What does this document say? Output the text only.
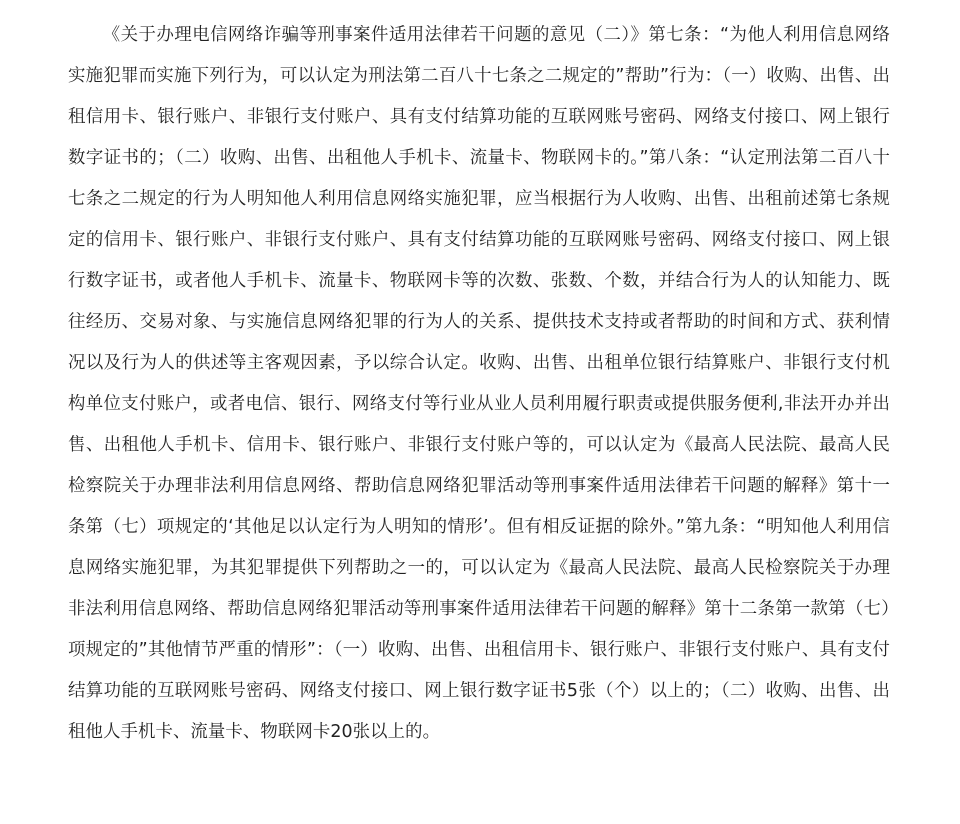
《关于办理电信网络诈骗等刑事案件适用法律若干问题的意见（二）》第七条：“为他人利用信息网络实施犯罪而实施下列行为，可以认定为刑法第二百八十七条之二规定的”帮助”行为：（一）收购、出售、出租信用卡、银行账户、非银行支付账户、具有支付结算功能的互联网账号密码、网络支付接口、网上银行数字证书的；（二）收购、出售、出租他人手机卡、流量卡、物联网卡的。”第八条：“认定刑法第二百八十七条之二规定的行为人明知他人利用信息网络实施犯罪，应当根据行为人收购、出售、出租前述第七条规定的信用卡、银行账户、非银行支付账户、具有支付结算功能的互联网账号密码、网络支付接口、网上银行数字证书，或者他人手机卡、流量卡、物联网卡等的次数、张数、个数，并结合行为人的认知能力、既往经历、交易对象、与实施信息网络犯罪的行为人的关系、提供技术支持或者帮助的时间和方式、获利情况以及行为人的供述等主客观因素，予以综合认定。收购、出售、出租单位银行结算账户、非银行支付机构单位支付账户，或者电信、银行、网络支付等行业从业人员利用履行职责或提供服务便利,非法开办并出售、出租他人手机卡、信用卡、银行账户、非银行支付账户等的，可以认定为《最高人民法院、最高人民检察院关于办理非法利用信息网络、帮助信息网络犯罪活动等刑事案件适用法律若干问题的解释》第十一条第（七）项规定的‘其他足以认定行为人明知的情形’。但有相反证据的除外。”第九条：“明知他人利用信息网络实施犯罪，为其犯罪提供下列帮助之一的，可以认定为《最高人民法院、最高人民检察院关于办理非法利用信息网络、帮助信息网络犯罪活动等刑事案件适用法律若干问题的解释》第十二条第一款第（七）项规定的”其他情节严重的情形”：（一）收购、出售、出租信用卡、银行账户、非银行支付账户、具有支付结算功能的互联网账号密码、网络支付接口、网上银行数字证书5张（个）以上的；（二）收购、出售、出租他人手机卡、流量卡、物联网卡20张以上的。
